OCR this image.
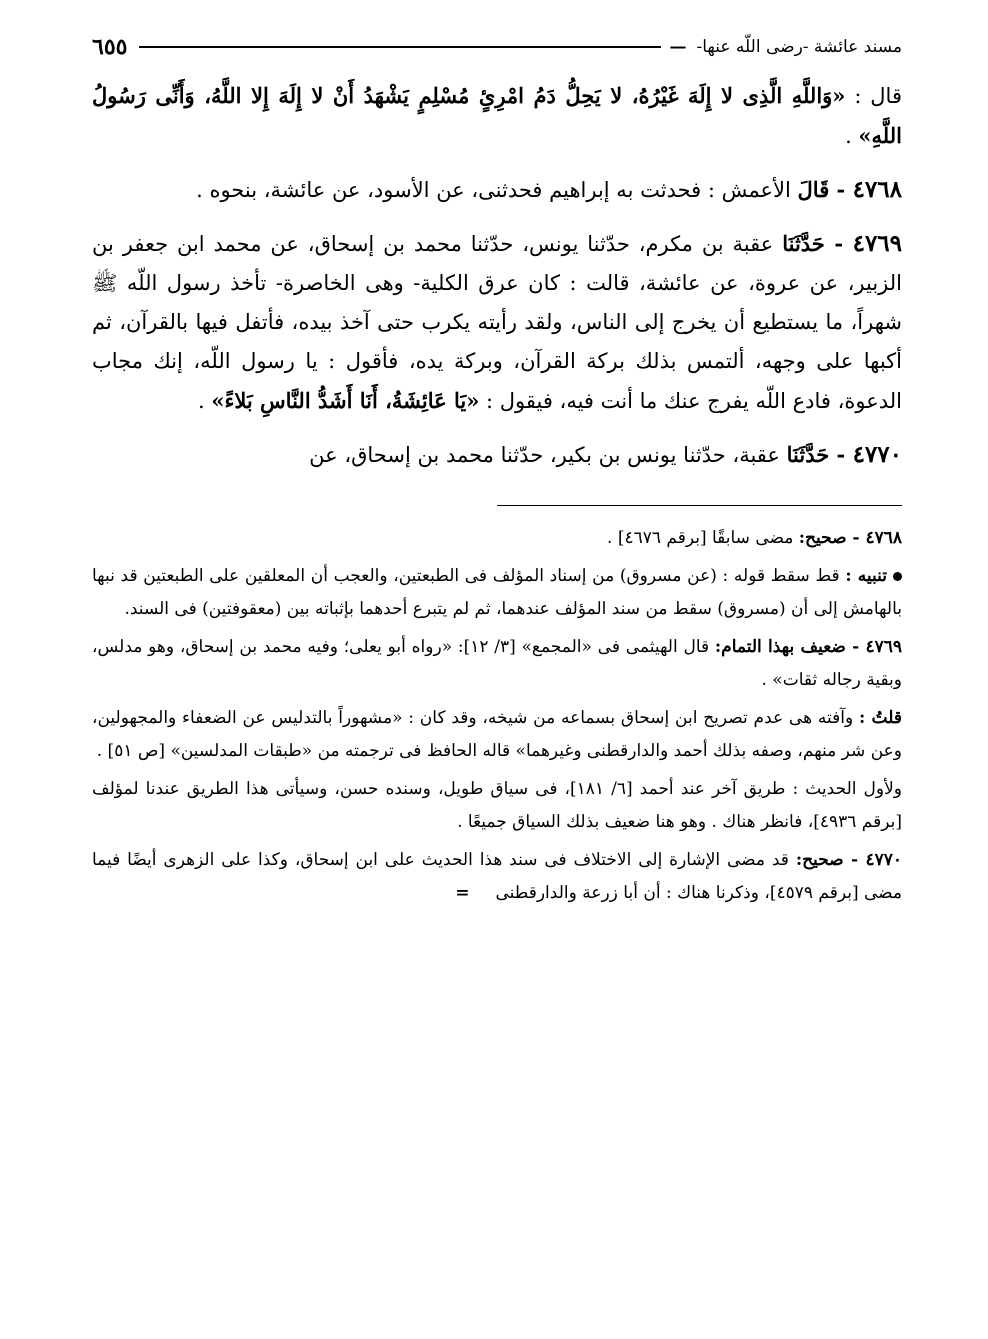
مسند عائشة -رضى اللّه عنها-
—
٦٥٥

قال : «وَاللَّهِ الَّذِى لا إِلَهَ غَيْرُهُ، لا يَحِلُّ دَمُ امْرِئٍ مُسْلِمٍ يَشْهَدُ أَنْ لا إِلَهَ إِلا اللَّهُ، وَأَنِّى رَسُولُ اللَّهِ» .

٤٧٦٨ - قَالَ الأعمش : فحدثت به إبراهيم فحدثنى، عن الأسود، عن عائشة، بنحوه .

٤٧٦٩ - حَدَّثَنَا عقبة بن مكرم، حدّثنا يونس، حدّثنا محمد بن إسحاق، عن محمد ابن جعفر بن الزبير، عن عروة، عن عائشة، قالت : كان عرق الكلية- وهى الخاصرة- تأخذ رسول اللّه ﷺ شهراً، ما يستطيع أن يخرج إلى الناس، ولقد رأيته يكرب حتى آخذ بيده، فأتفل فيها بالقرآن، ثم أكبها على وجهه، ألتمس بذلك بركة القرآن، وبركة يده، فأقول : يا رسول اللّه، إنك مجاب الدعوة، فادع اللّه يفرج عنك ما أنت فيه، فيقول : «يَا عَائِشَةُ، أَنَا أَشَدُّ النَّاسِ بَلاءً» .

٤٧٧٠ - حَدَّثَنَا عقبة، حدّثنا يونس بن بكير، حدّثنا محمد بن إسحاق، عن

٤٧٦٨ - صحيح: مضى سابقًا [برقم ٤٦٧٦] .

تنبيه : قط سقط قوله : (عن مسروق) من إسناد المؤلف فى الطبعتين، والعجب أن المعلقين على الطبعتين قد نبها بالهامش إلى أن (مسروق) سقط من سند المؤلف عندهما، ثم لم يتبرع أحدهما بإثباته بين (معقوفتين) فى السند.

٤٧٦٩ - ضعيف بهذا التمام: قال الهيثمى فى «المجمع» [٣/ ١٢]: «رواه أبو يعلى؛ وفيه محمد بن إسحاق، وهو مدلس، وبقية رجاله ثقات» .

قلتُ : وآفته هى عدم تصريح ابن إسحاق بسماعه من شيخه، وقد كان : «مشهوراً بالتدليس عن الضعفاء والمجهولين، وعن شر منهم، وصفه بذلك أحمد والدارقطنى وغيرهما» قاله الحافظ فى ترجمته من «طبقات المدلسين» [ص ٥١] .

ولأول الحديث : طريق آخر عند أحمد [٦/ ١٨١]، فى سياق طويل، وسنده حسن، وسيأتى هذا الطريق عندنا لمؤلف [برقم ٤٩٣٦]، فانظر هناك . وهو هنا ضعيف بذلك السياق جميعًا .

٤٧٧٠ - صحيح: قد مضى الإشارة إلى الاختلاف فى سند هذا الحديث على ابن إسحاق، وكذا على الزهرى أيضًا فيما مضى [برقم ٤٥٧٩]، وذكرنا هناك : أن أبا زرعة والدارقطنى=
